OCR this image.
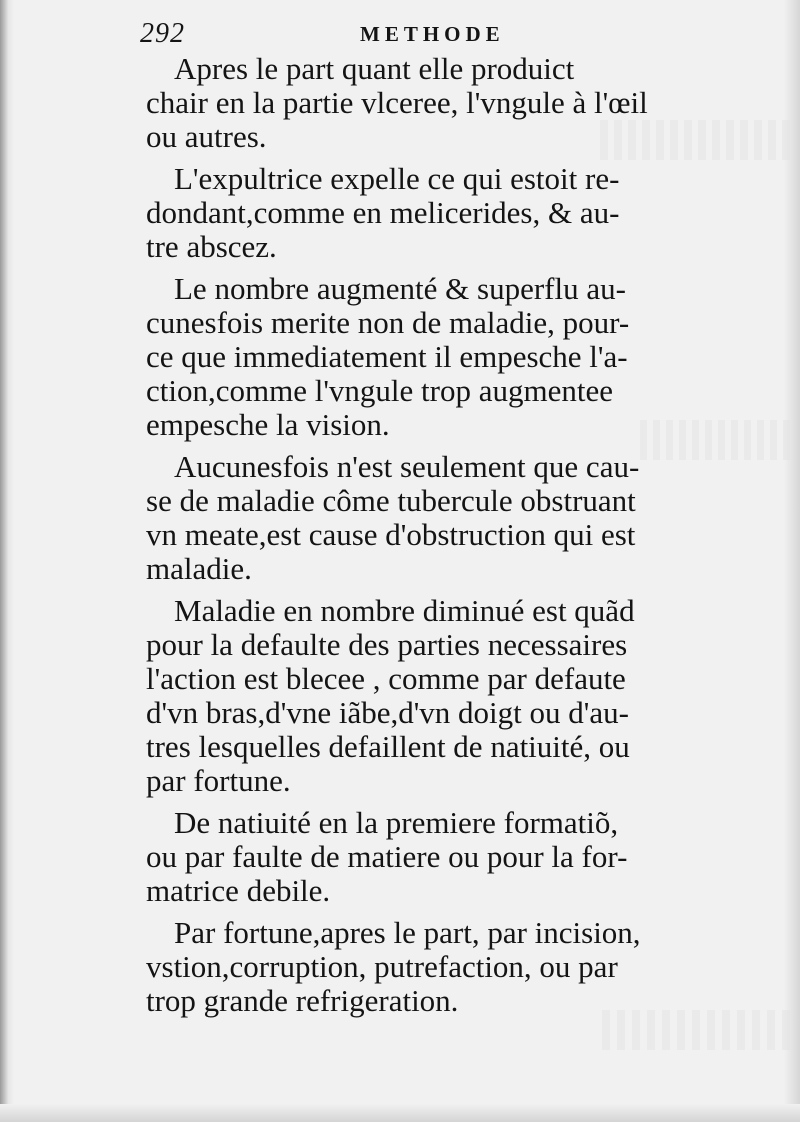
292	METHODE

Apres le part quant elle produict
chair en la partie vlceree, l'vngule à l'œil
ou autres.

L'expultrice expelle ce qui estoit re-
dondant,comme en melicerides, & au-
tre abscez.

Le nombre augmenté & superflu au-
cunesfois merite non de maladie, pour-
ce que immediatement il empesche l'a-
ction,comme l'vngule trop augmentee
empesche la vision.

Aucunesfois n'est seulement que cau-
se de maladie côme tubercule obstruant
vn meate,est cause d'obstruction qui est
maladie.

Maladie en nombre diminué est quãd
pour la defaulte des parties necessaires
l'action est blecee , comme par defaute
d'vn bras,d'vne iãbe,d'vn doigt ou d'au-
tres lesquelles defaillent de natiuité, ou
par fortune.

De natiuité en la premiere formatiõ,
ou par faulte de matiere ou pour la for-
matrice debile.

Par fortune,apres le part, par incision,
vstion,corruption, putrefaction, ou par
trop grande refrigeration.
